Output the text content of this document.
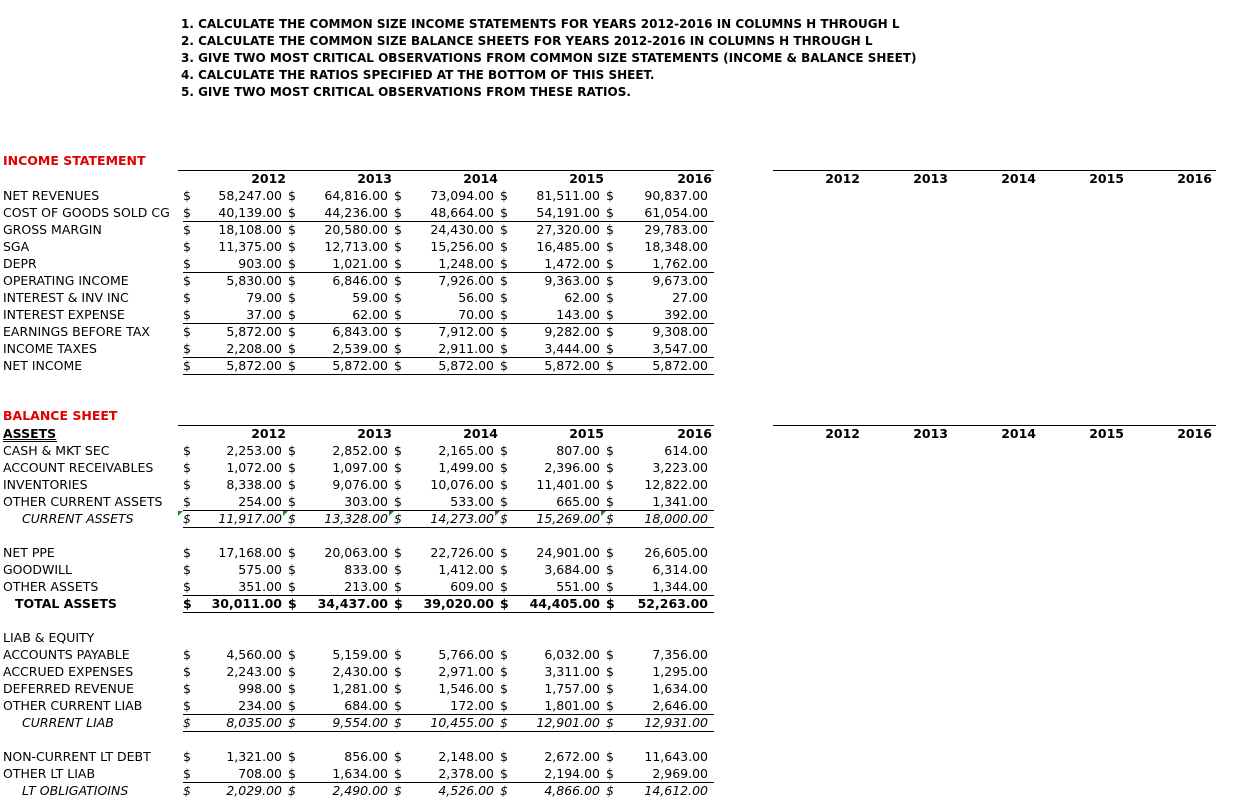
1. CALCULATE THE COMMON SIZE INCOME STATEMENTS FOR YEARS 2012-2016 IN COLUMNS H THROUGH L
2. CALCULATE THE COMMON SIZE BALANCE SHEETS FOR YEARS 2012-2016 IN COLUMNS H THROUGH L
3. GIVE TWO MOST CRITICAL OBSERVATIONS FROM COMMON SIZE STATEMENTS (INCOME & BALANCE SHEET)
4. CALCULATE THE RATIOS SPECIFIED AT THE BOTTOM OF THIS SHEET.
5. GIVE TWO MOST CRITICAL OBSERVATIONS FROM THESE RATIOS.
INCOME STATEMENT
BALANCE SHEET
2012	2013	2014	2015	2016	2012	2013	2014	2015	2016
NET REVENUES	$ 58,247.00 $ 64,816.00 $ 73,094.00 $ 81,511.00 $ 90,837.00
COST OF GOODS SOLD CG $ 40,139.00 $ 44,236.00 $ 48,664.00 $ 54,191.00 $ 61,054.00
GROSS MARGIN	$ 18,108.00 $ 20,580.00 $ 24,430.00 $ 27,320.00 $ 29,783.00
SGA	$ 11,375.00 $ 12,713.00 $ 15,256.00 $ 16,485.00 $ 18,348.00
DEPR	$	903.00 $	1,021.00 $	1,248.00 $	1,472.00 $	1,762.00
OPERATING INCOME	$	5,830.00 $	6,846.00 $	7,926.00 $	9,363.00 $	9,673.00
INTEREST & INV INC	$	79.00 $	59.00 $	56.00 $	62.00 $	27.00
INTEREST EXPENSE	$	37.00 $	62.00 $	70.00 $	143.00 $	392.00
EARNINGS BEFORE TAX	$	5,872.00 $	6,843.00 $	7,912.00 $	9,282.00 $	9,308.00
INCOME TAXES	$	2,208.00 $	2,539.00 $	2,911.00 $	3,444.00 $	3,547.00
NET INCOME	$	5,872.00 $	5,872.00 $	5,872.00 $	5,872.00 $	5,872.00
ASSETS	2012	2013	2014	2015	2016	2012	2013	2014	2015	2016
CASH & MKT SEC	$	2,253.00 $	2,852.00 $	2,165.00 $	807.00 $	614.00
ACCOUNT RECEIVABLES $	1,072.00 $	1,097.00 $	1,499.00 $	2,396.00 $	3,223.00
INVENTORIES	$	8,338.00 $	9,076.00 $ 10,076.00 $ 11,401.00 $ 12,822.00
OTHER CURRENT ASSETS $	254.00 $	303.00 $	533.00 $	665.00 $	1,341.00
CURRENT ASSETS	$ 11,917.00 $ 13,328.00 $ 14,273.00 $ 15,269.00 $ 18,000.00
NET PPE	$ 17,168.00 $ 20,063.00 $ 22,726.00 $ 24,901.00 $ 26,605.00
GOODWILL	$	575.00 $	833.00 $	1,412.00 $	3,684.00 $	6,314.00
OTHER ASSETS	$	351.00 $	213.00 $	609.00 $	551.00 $	1,344.00
TOTAL ASSETS	$ 30,011.00 $ 34,437.00 $ 39,020.00 $ 44,405.00 $ 52,263.00
LIAB & EQUITY
ACCOUNTS PAYABLE	$	4,560.00 $	5,159.00 $	5,766.00 $	6,032.00 $	7,356.00
ACCRUED EXPENSES	$	2,243.00 $	2,430.00 $	2,971.00 $	3,311.00 $	1,295.00
DEFERRED REVENUE	$	998.00 $	1,281.00 $	1,546.00 $	1,757.00 $	1,634.00
OTHER CURRENT LIAB	$	234.00 $	684.00 $	172.00 $	1,801.00 $	2,646.00
CURRENT LIAB	$	8,035.00 $	9,554.00 $ 10,455.00 $ 12,901.00 $ 12,931.00
NON-CURRENT LT DEBT	$	1,321.00 $	856.00 $	2,148.00 $	2,672.00 $ 11,643.00
OTHER LT LIAB	$	708.00 $	1,634.00 $	2,378.00 $	2,194.00 $	2,969.00
LT OBLIGATIOINS	$	2,029.00 $	2,490.00 $	4,526.00 $	4,866.00 $ 14,612.00
